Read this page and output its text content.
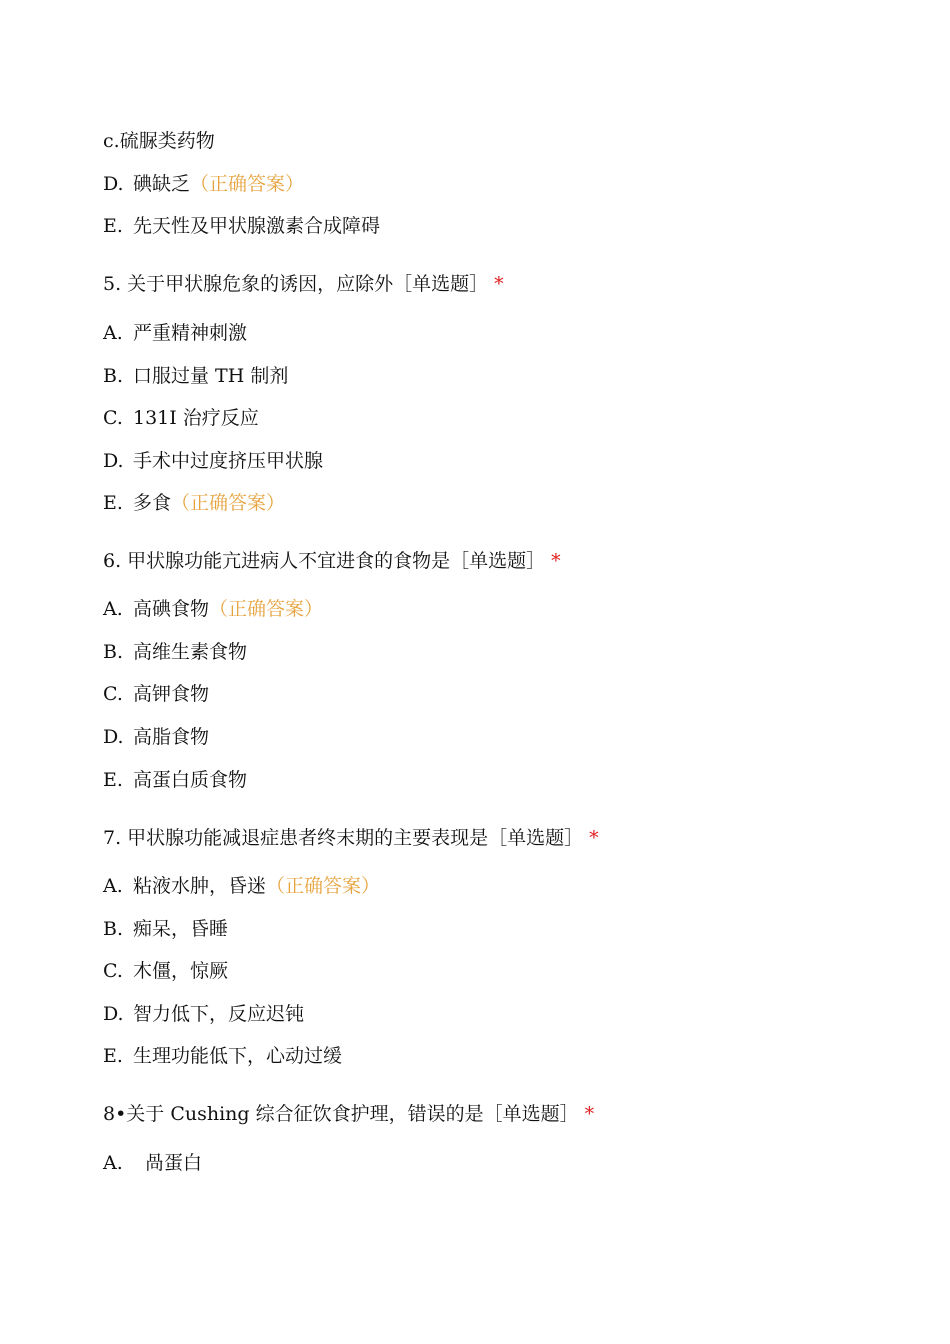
c.硫脲类药物
D. 碘缺乏（正确答案）
E. 先天性及甲状腺激素合成障碍
5. 关于甲状腺危象的诱因，应除外［单选题］ *
A. 严重精神刺激
B. 口服过量 TH 制剂
C. 131I 治疗反应
D. 手术中过度挤压甲状腺
E. 多食（正确答案）
6. 甲状腺功能亢进病人不宜进食的食物是［单选题］ *
A. 高碘食物（正确答案）
B. 高维生素食物
C. 高钾食物
D. 高脂食物
E. 高蛋白质食物
7. 甲状腺功能减退症患者终末期的主要表现是［单选题］ *
A. 粘液水肿，昏迷（正确答案）
B. 痴呆，昏睡
C. 木僵，惊厥
D. 智力低下，反应迟钝
E. 生理功能低下，心动过缓
8•关于 Cushing 综合征饮食护理，错误的是［单选题］ *
A. 咼蛋白
